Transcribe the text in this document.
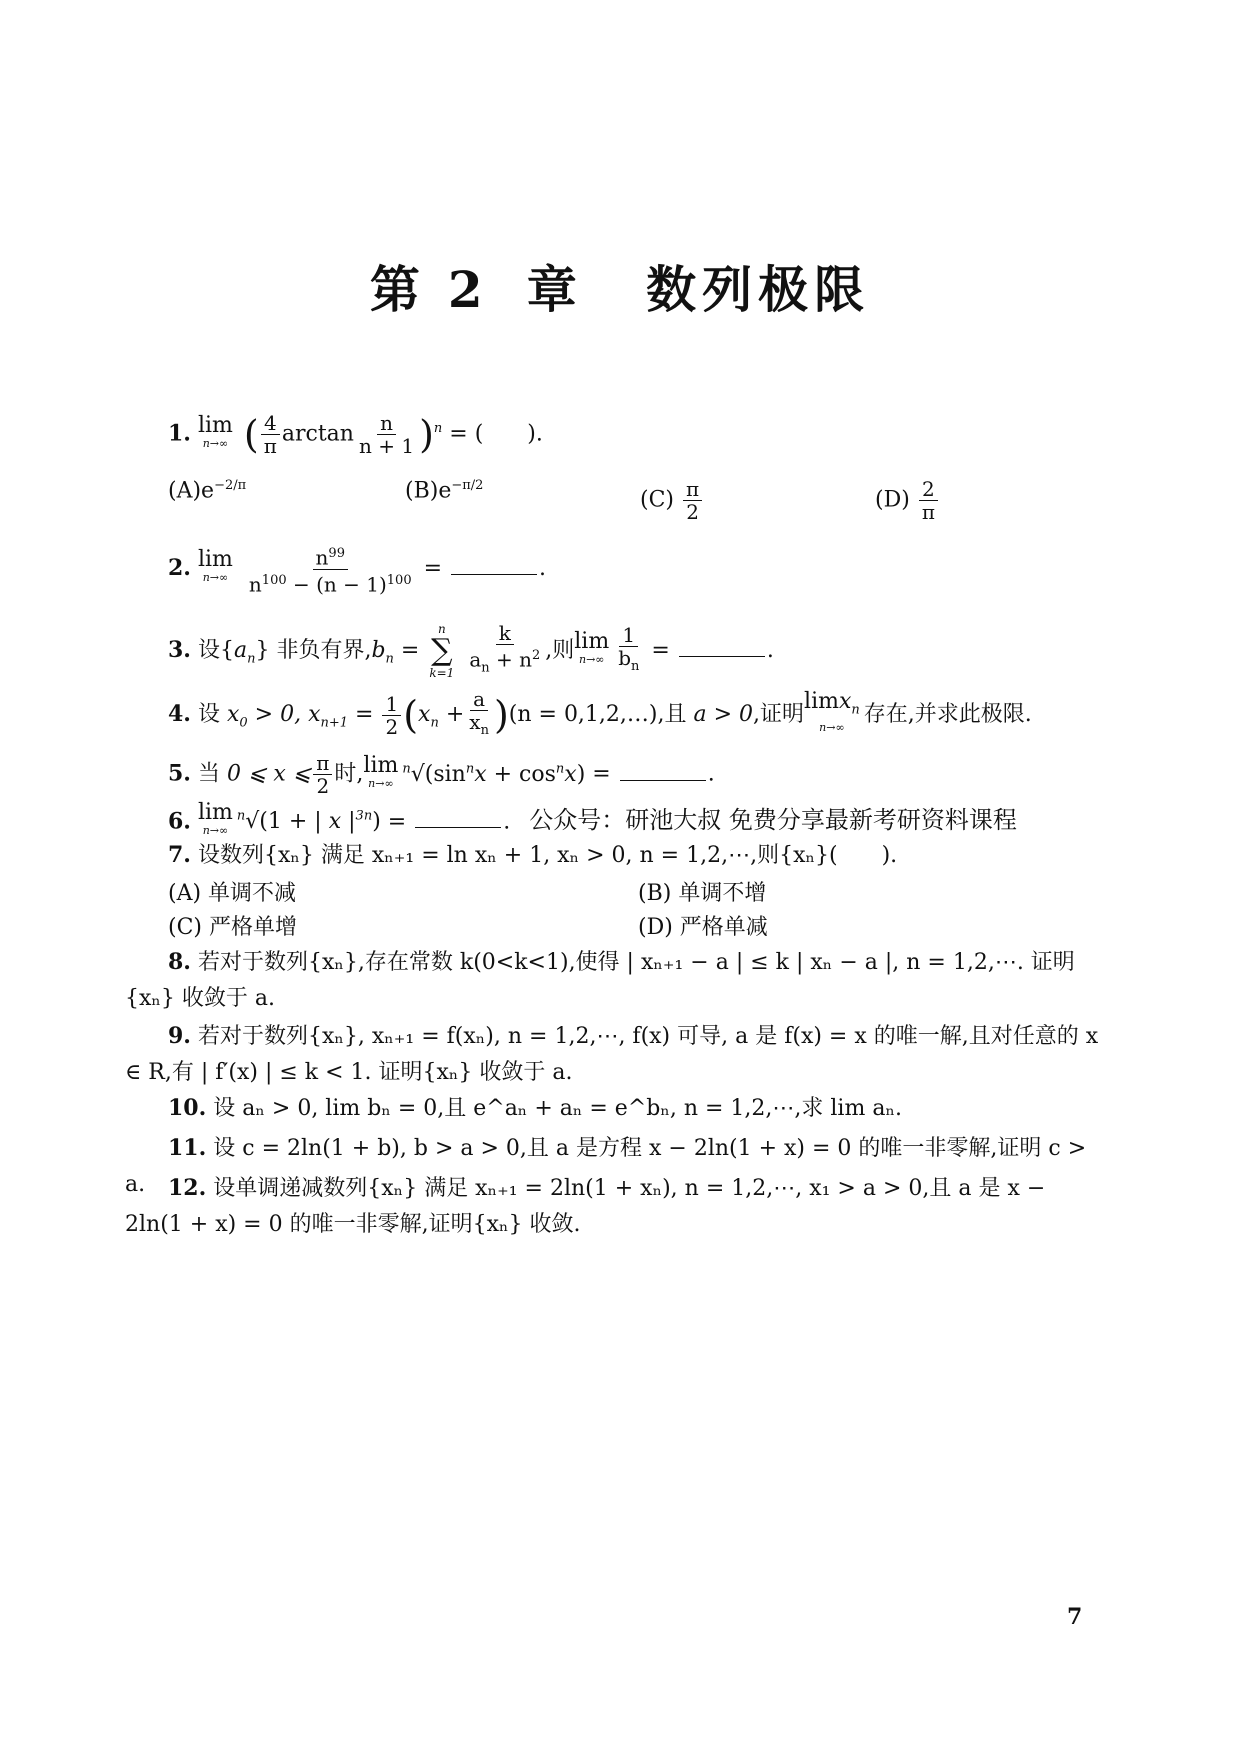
第 2 章 数列极限
1. lim
n→∞ ( $\frac{4}{\pi}$ $\arctan \frac{n}{n + 1} )^n$ = (　　).
$(A)e^{-2/\pi}$	$(B)e^{-\pi/2}$
$(C) \frac{\pi}{2}$	$(D) \frac{2}{\pi}$
2. lim
n→∞
$\frac{n^{99}}{n^{100} - (n - 1)^{100}}$ =	.
3. 设$\{a_n\}$ 非负有界$,b_n$ =
n
∑
k=1
$\frac{k}{a_n + n^2}$ ,则 lim
$n\to\infty \frac{1}{b_n}$ =	.
4. 设 $x_0 > 0$, $x_{n+1} = \frac{1}{2} (x_n + \frac{a}{x_n} )(n$ = 0,1,2,…),且 a > 0,证明
limx$_n$
n→∞
存在,并求此极限.
5. 当 0 ⩽ x ⩽ $\frac{\pi}{2}$ 时, lim
n→∞
$^n√(\sin^nx + \cos^nx)$ =	.
6. lim
n→∞
$^n$√(1 + | x $|^{3n}$) =	. 公众号：研池大叔 免费分享最新考研资料课程
7. 设数列{xₙ} 满足 xₙ₊₁ = ln xₙ + 1, xₙ > 0, n = 1,2,⋯,则{xₙ}(　　).
(A) 单调不减	(B) 单调不增
(C) 严格单增	(D) 严格单减
8. 若对于数列{xₙ},存在常数 k(0<k<1),使得 | xₙ₊₁ − a | ≤ k | xₙ − a |, n = 1,2,⋯. 证明{xₙ} 收敛于 a.
9. 若对于数列{xₙ}, xₙ₊₁ = f(xₙ), n = 1,2,⋯, f(x) 可导, a 是 f(x) = x 的唯一解,且对任意的 x ∈ R,有 | f′(x) | ≤ k < 1. 证明{xₙ} 收敛于 a.
10. 设 aₙ > 0, lim bₙ = 0,且 e^aₙ + aₙ = e^bₙ, n = 1,2,⋯,求 lim aₙ.
11. 设 c = 2ln(1 + b), b > a > 0,且 a 是方程 x − 2ln(1 + x) = 0 的唯一非零解,证明 c > a.	12. 设单调递减数列{xₙ} 满足 xₙ₊₁ = 2ln(1 + xₙ), n = 1,2,⋯, x₁ > a > 0,且 a 是 x − 2ln(1 + x) = 0 的唯一非零解,证明{xₙ} 收敛.
7
